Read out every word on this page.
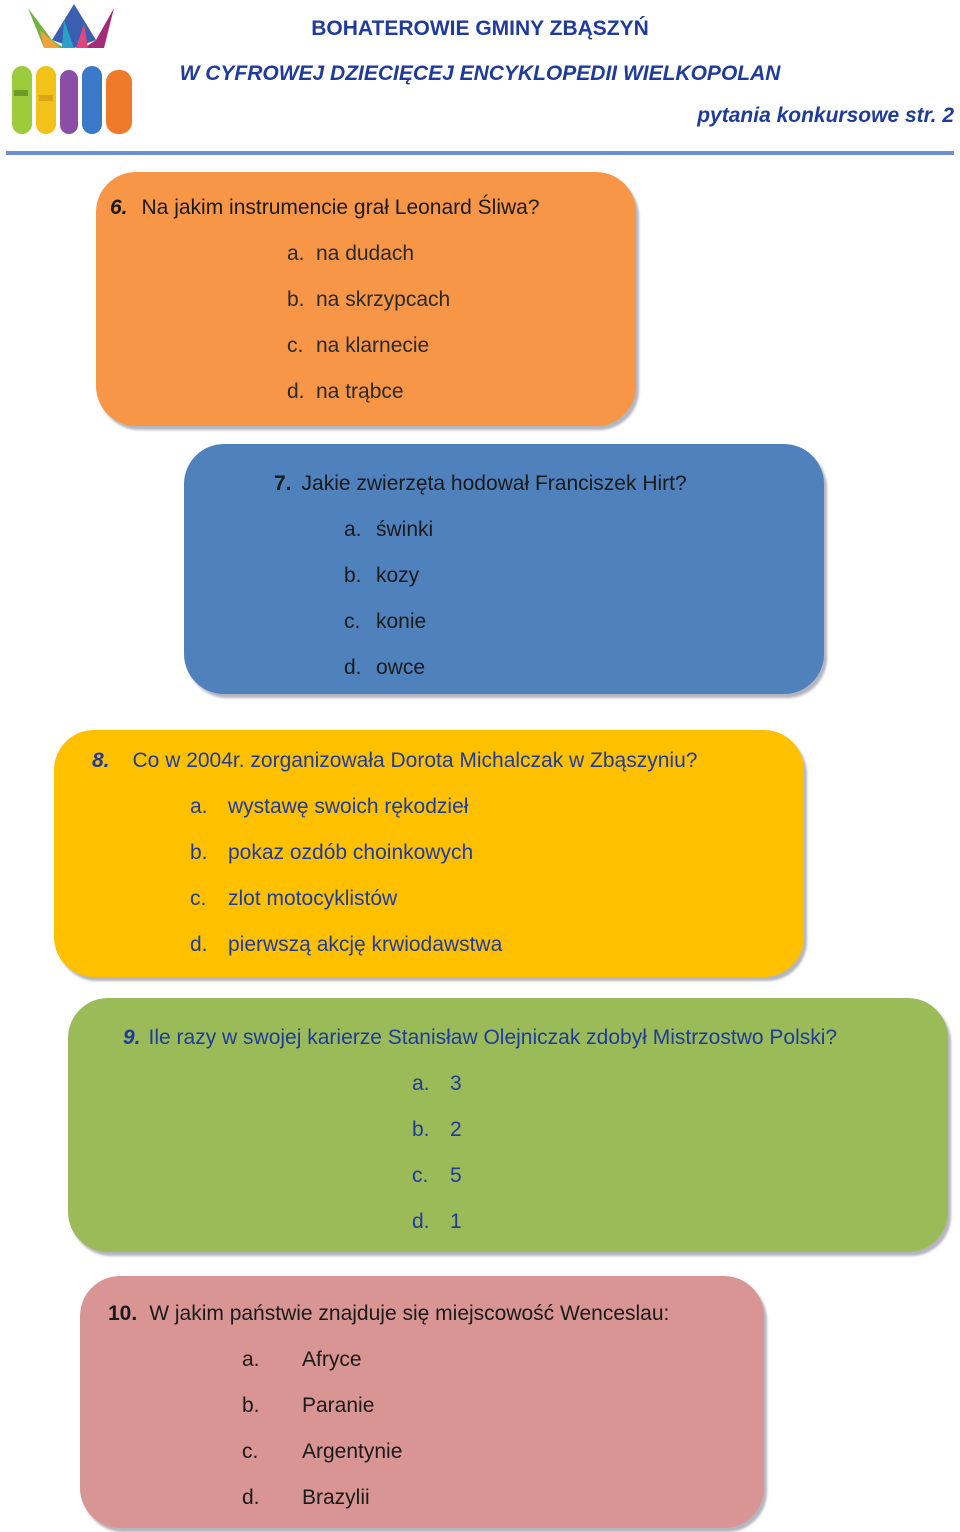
BOHATEROWIE GMINY ZBĄSZYŃ
W CYFROWEJ DZIECIĘCEJ ENCYKLOPEDII WIELKOPOLAN
pytania konkursowe str. 2
6. Na jakim instrumencie grał Leonard Śliwa?
a. na dudach
b. na skrzypcach
c. na klarnecie
d. na trąbce
7. Jakie zwierzęta hodował Franciszek Hirt?
a. świnki
b. kozy
c. konie
d. owce
8. Co w 2004r. zorganizowała Dorota Michalczak w Zbąszyniu?
a. wystawę swoich rękodzieł
b. pokaz ozdób choinkowych
c. zlot motocyklistów
d. pierwszą akcję krwiodawstwa
9. Ile razy w swojej karierze Stanisław Olejniczak zdobył Mistrzostwo Polski?
a. 3
b. 2
c. 5
d. 1
10. W jakim państwie znajduje się miejscowość Wenceslau:
a. Afryce
b. Paranie
c. Argentynie
d. Brazylii
